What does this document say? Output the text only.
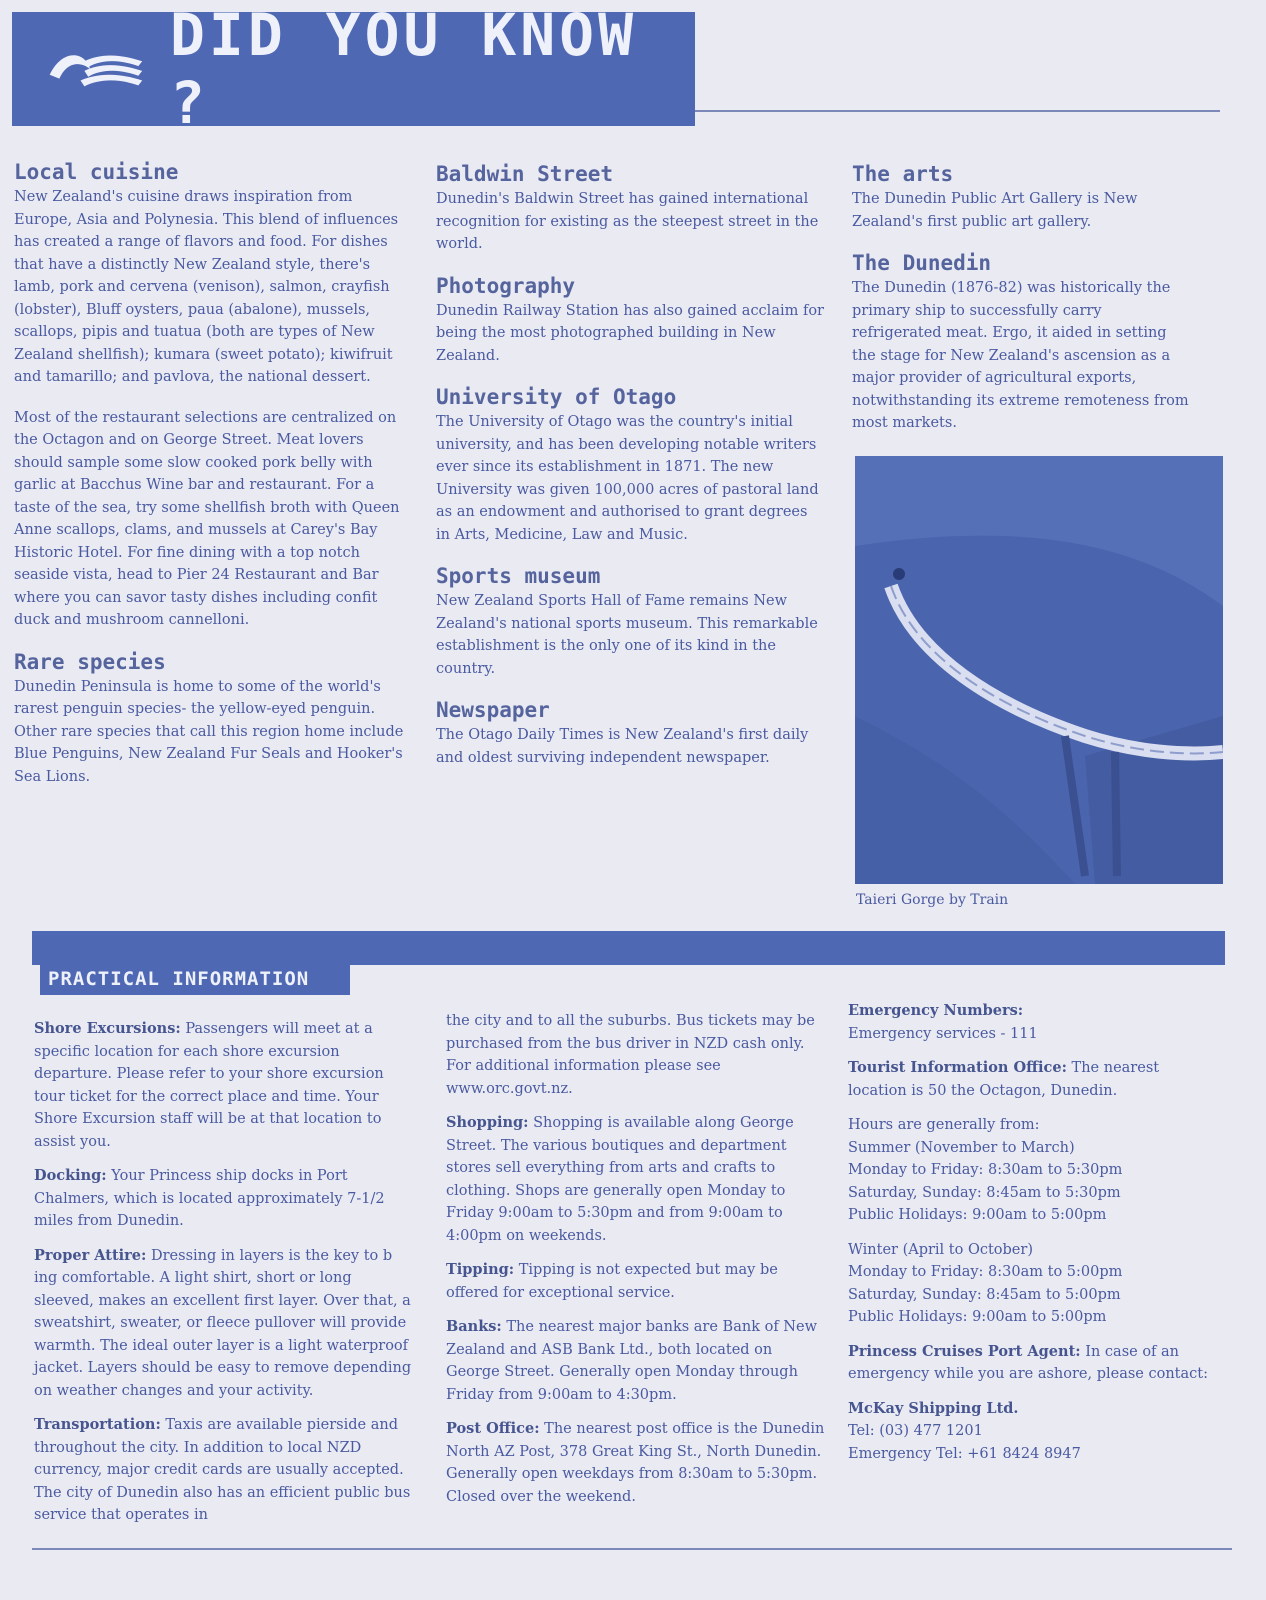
DID YOU KNOW ?
Local cuisine

New Zealand's cuisine draws inspiration from Europe, Asia and Polynesia. This blend of influences has created a range of flavors and food. For dishes that have a distinctly New Zealand style, there's lamb, pork and cervena (venison), salmon, crayfish (lobster), Bluff oysters, paua (abalone), mussels, scallops, pipis and tuatua (both are types of New Zealand shellfish); kumara (sweet potato); kiwifruit and tamarillo; and pavlova, the national dessert.

Most of the restaurant selections are centralized on the Octagon and on George Street. Meat lovers should sample some slow cooked pork belly with garlic at Bacchus Wine bar and restaurant. For a taste of the sea, try some shellfish broth with Queen Anne scallops, clams, and mussels at Carey's Bay Historic Hotel. For fine dining with a top notch seaside vista, head to Pier 24 Restaurant and Bar where you can savor tasty dishes including confit duck and mushroom cannelloni.

Rare species

Dunedin Peninsula is home to some of the world's rarest penguin species- the yellow-eyed penguin. Other rare species that call this region home include Blue Penguins, New Zealand Fur Seals and Hooker's Sea Lions.

Baldwin Street

Dunedin's Baldwin Street has gained international recognition for existing as the steepest street in the world.

Photography

Dunedin Railway Station has also gained acclaim for being the most photographed building in New Zealand.

University of Otago

The University of Otago was the country's initial university, and has been developing notable writers ever since its establishment in 1871. The new University was given 100,000 acres of pastoral land as an endowment and authorised to grant degrees in Arts, Medicine, Law and Music.

Sports museum

New Zealand Sports Hall of Fame remains New Zealand's national sports museum. This remarkable establishment is the only one of its kind in the country.

Newspaper

The Otago Daily Times is New Zealand's first daily and oldest surviving independent newspaper.

The arts

The Dunedin Public Art Gallery is New Zealand's first public art gallery.

The Dunedin

The Dunedin (1876-82) was historically the primary ship to successfully carry refrigerated meat. Ergo, it aided in setting the stage for New Zealand's ascension as a major provider of agricultural exports, notwithstanding its extreme remoteness from most markets.

Taieri Gorge by Train
PRACTICAL INFORMATION

Shore Excursions: Passengers will meet at a specific location for each shore excursion departure. Please refer to your shore excursion tour ticket for the correct place and time. Your Shore Excursion staff will be at that location to assist you.

Docking: Your Princess ship docks in Port Chalmers, which is located approximately 7-1/2 miles from Dunedin.

Proper Attire: Dressing in layers is the key to b ing comfortable. A light shirt, short or long sleeved, makes an excellent first layer. Over that, a sweatshirt, sweater, or fleece pullover will provide warmth. The ideal outer layer is a light waterproof jacket. Layers should be easy to remove depending on weather changes and your activity.

Transportation: Taxis are available pierside and throughout the city. In addition to local NZD currency, major credit cards are usually accepted. The city of Dunedin also has an efficient public bus service that operates in

the city and to all the suburbs. Bus tickets may be purchased from the bus driver in NZD cash only. For additional information please see www.orc.govt.nz.

Shopping: Shopping is available along George Street. The various boutiques and department stores sell everything from arts and crafts to clothing. Shops are generally open Monday to Friday 9:00am to 5:30pm and from 9:00am to 4:00pm on weekends.

Tipping: Tipping is not expected but may be offered for exceptional service.

Banks: The nearest major banks are Bank of New Zealand and ASB Bank Ltd., both located on George Street. Generally open Monday through Friday from 9:00am to 4:30pm.

Post Office: The nearest post office is the Dunedin North AZ Post, 378 Great King St., North Dunedin. Generally open weekdays from 8:30am to 5:30pm. Closed over the weekend.

Emergency Numbers:
Emergency services - 111

Tourist Information Office: The nearest location is 50 the Octagon, Dunedin.

Hours are generally from:
Summer (November to March)
Monday to Friday: 8:30am to 5:30pm
Saturday, Sunday: 8:45am to 5:30pm
Public Holidays: 9:00am to 5:00pm

Winter (April to October)
Monday to Friday: 8:30am to 5:00pm
Saturday, Sunday: 8:45am to 5:00pm
Public Holidays: 9:00am to 5:00pm

Princess Cruises Port Agent: In case of an emergency while you are ashore, please contact:

McKay Shipping Ltd.
Tel: (03) 477 1201
Emergency Tel: +61 8424 8947
